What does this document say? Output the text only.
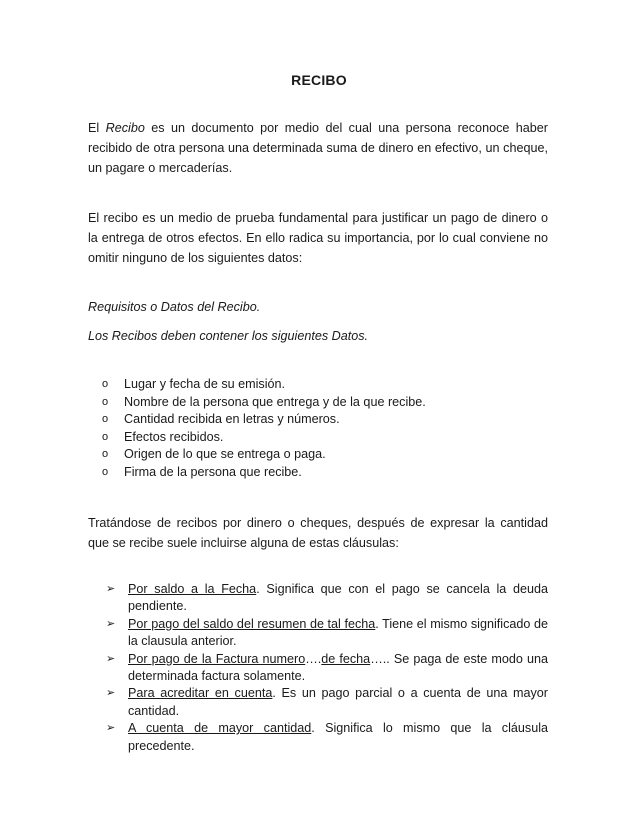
RECIBO

El Recibo es un documento por medio del cual una persona reconoce haber recibido de otra persona una determinada suma de dinero en efectivo, un cheque, un pagare o mercaderías.

El recibo es un medio de prueba fundamental para justificar un pago de dinero o la entrega de otros efectos. En ello radica su importancia, por lo cual conviene no omitir ninguno de los siguientes datos:

Requisitos o Datos del Recibo.
Los Recibos deben contener los siguientes Datos.
o Lugar y fecha de su emisión.
o Nombre de la persona que entrega y de la que recibe.
o Cantidad recibida en letras y números.
o Efectos recibidos.
o Origen de lo que se entrega o paga.
o Firma de la persona que recibe.

Tratándose de recibos por dinero o cheques, después de expresar la cantidad que se recibe suele incluirse alguna de estas cláusulas:

➢ Por saldo a la Fecha. Significa que con el pago se cancela la deuda pendiente.
➢ Por pago del saldo del resumen de tal fecha. Tiene el mismo significado de la clausula anterior.
➢ Por pago de la Factura numero….de fecha….. Se paga de este modo una determinada factura solamente.
➢ Para acreditar en cuenta. Es un pago parcial o a cuenta de una mayor cantidad.
➢ A cuenta de mayor cantidad. Significa lo mismo que la cláusula precedente.
